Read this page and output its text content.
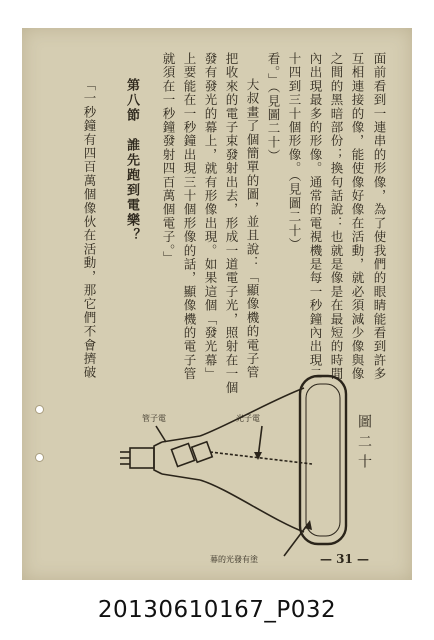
面前看到一連串的形像，為了使我們的眼睛能看到許多
互相連接的像，能使像好像在活動，就必須減少像與像
之間的黑暗部份；換句話說：也就是像是在最短的時間
內出現最多的形像。通常的電視機是每一秒鐘內出現二
十四到三十個形像。（見圖二十）
看。」（見圖二十）
大叔畫了個簡單的圖，並且說：「顯像機的電子管
把收來的電子束發射出去，形成一道電子光，照射在一個
發有發光的幕上，就有形像出現。如果這個「發光幕」
上要能在一秒鐘出現三十個形像的話，顯像機的電子管
就須在一秒鐘發射四百萬個電子。」
第八節　誰先跑到電樂？
「一秒鐘有四百萬個像伙在活動，那它們不會擠破
圖二十
管子電	光子電
幕的光發有塗	— 31 —
20130610167_P032
